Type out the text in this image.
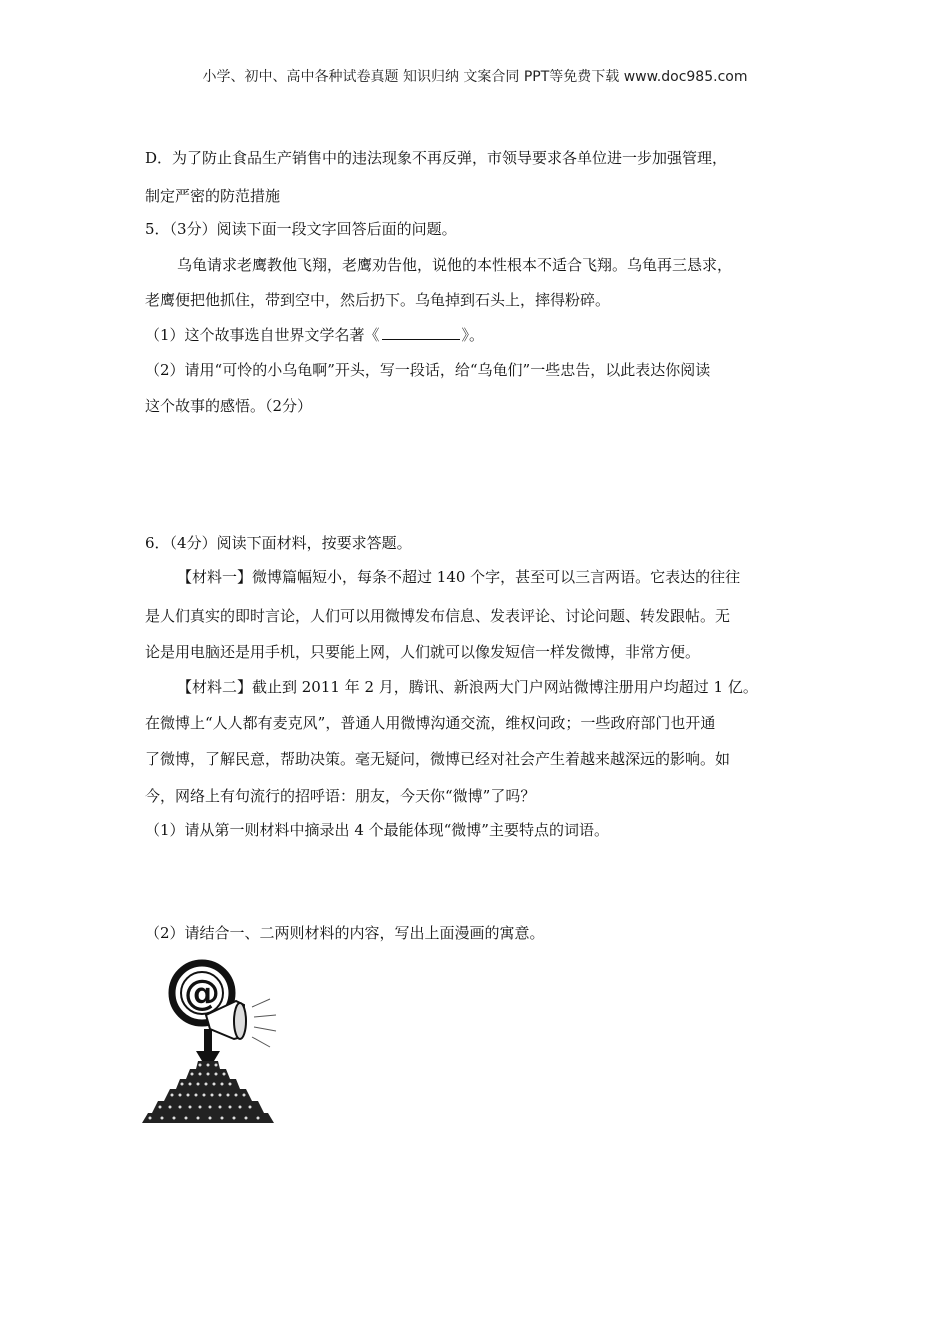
小学、初中、高中各种试卷真题 知识归纳 文案合同 PPT等免费下载 www.doc985.com
D．为了防止食品生产销售中的违法现象不再反弹，市领导要求各单位进一步加强管理，
制定严密的防范措施
5．（3分）阅读下面一段文字回答后面的问题。
乌龟请求老鹰教他飞翔，老鹰劝告他，说他的本性根本不适合飞翔。乌龟再三恳求，
老鹰便把他抓住，带到空中，然后扔下。乌龟掉到石头上，摔得粉碎。
（1）这个故事选自世界文学名著《	》。
（2）请用“可怜的小乌龟啊”开头，写一段话，给“乌龟们”一些忠告，以此表达你阅读
这个故事的感悟。（2分）
6．（4分）阅读下面材料，按要求答题。
【材料一】微博篇幅短小，每条不超过 140 个字，甚至可以三言两语。它表达的往往
是人们真实的即时言论，人们可以用微博发布信息、发表评论、讨论问题、转发跟帖。无
论是用电脑还是用手机，只要能上网，人们就可以像发短信一样发微博，非常方便。
【材料二】截止到 2011 年 2 月，腾讯、新浪两大门户网站微博注册用户均超过 1 亿。
在微博上“人人都有麦克风”，普通人用微博沟通交流，维权问政；一些政府部门也开通
了微博，了解民意，帮助决策。毫无疑问，微博已经对社会产生着越来越深远的影响。如
今，网络上有句流行的招呼语：朋友，今天你“微博”了吗？
（1）请从第一则材料中摘录出 4 个最能体现“微博”主要特点的词语。
（2）请结合一、二两则材料的内容，写出上面漫画的寓意。
@
